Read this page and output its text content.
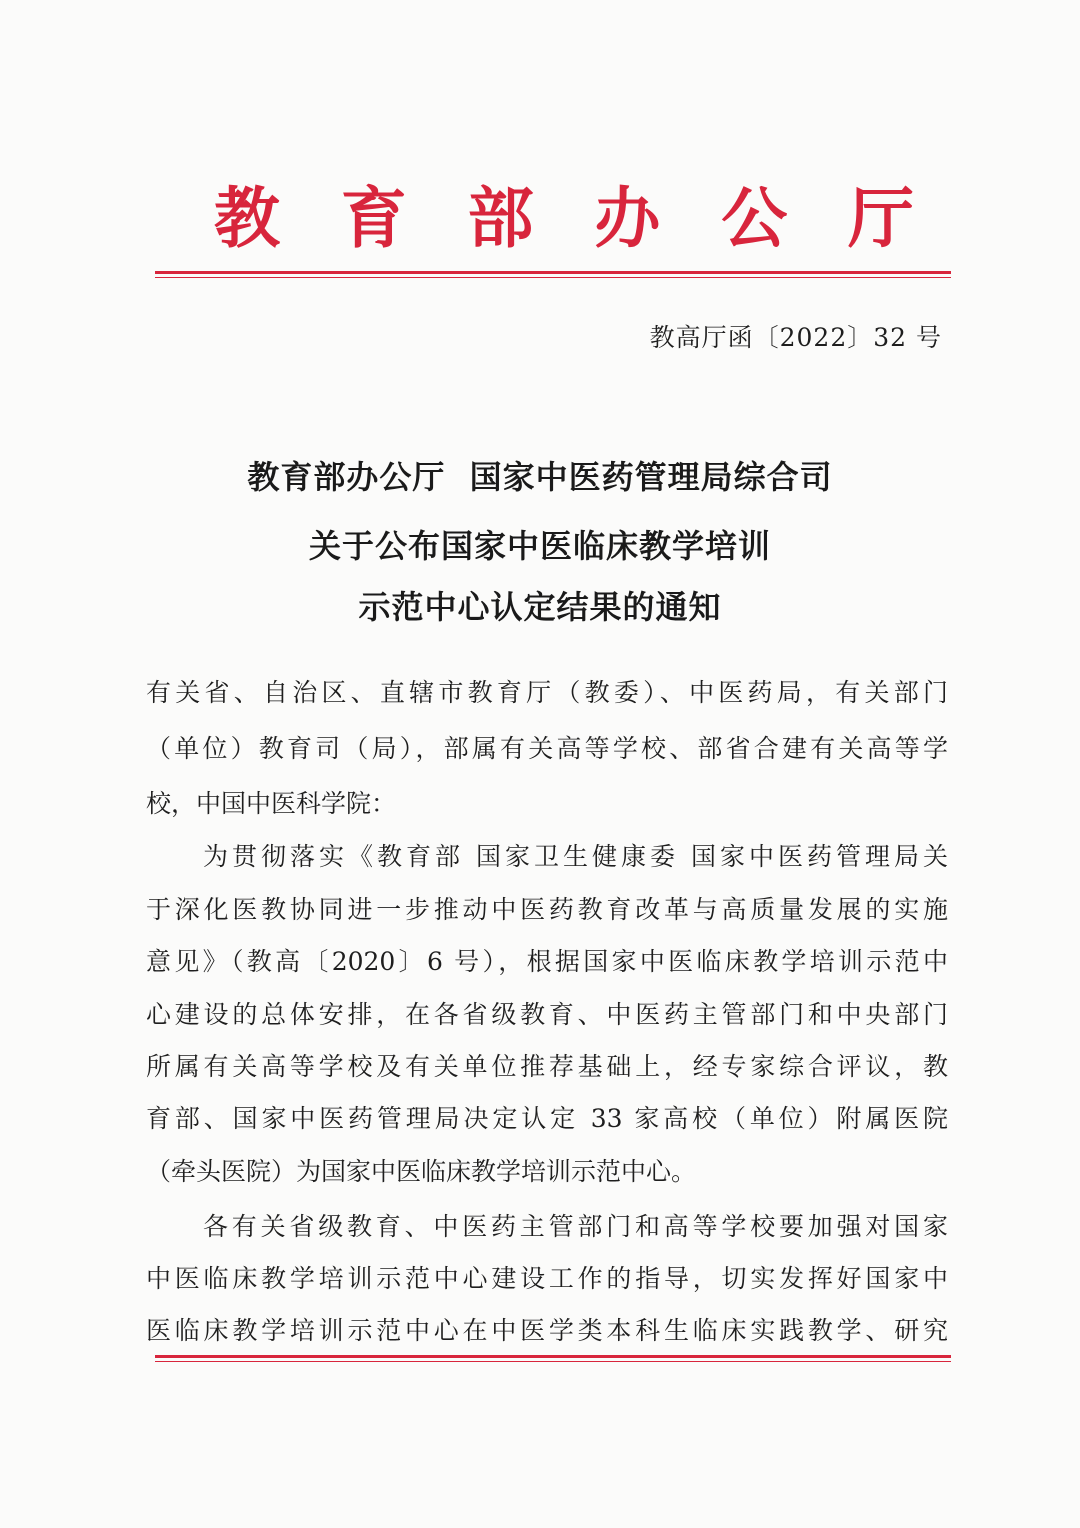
教 育 部 办 公 厅
教高厅函〔2022〕32 号
教育部办公厅  国家中医药管理局综合司
关于公布国家中医临床教学培训
示范中心认定结果的通知
有关省、自治区、直辖市教育厅（教委）、中医药局，有关部门
（单位）教育司（局），部属有关高等学校、部省合建有关高等学
校，中国中医科学院：
为贯彻落实《教育部 国家卫生健康委 国家中医药管理局关
于深化医教协同进一步推动中医药教育改革与高质量发展的实施
意见》（教高〔2020〕6 号），根据国家中医临床教学培训示范中
心建设的总体安排，在各省级教育、中医药主管部门和中央部门
所属有关高等学校及有关单位推荐基础上，经专家综合评议，教
育部、国家中医药管理局决定认定 33 家高校（单位）附属医院
（牵头医院）为国家中医临床教学培训示范中心。
各有关省级教育、中医药主管部门和高等学校要加强对国家
中医临床教学培训示范中心建设工作的指导，切实发挥好国家中
医临床教学培训示范中心在中医学类本科生临床实践教学、研究
